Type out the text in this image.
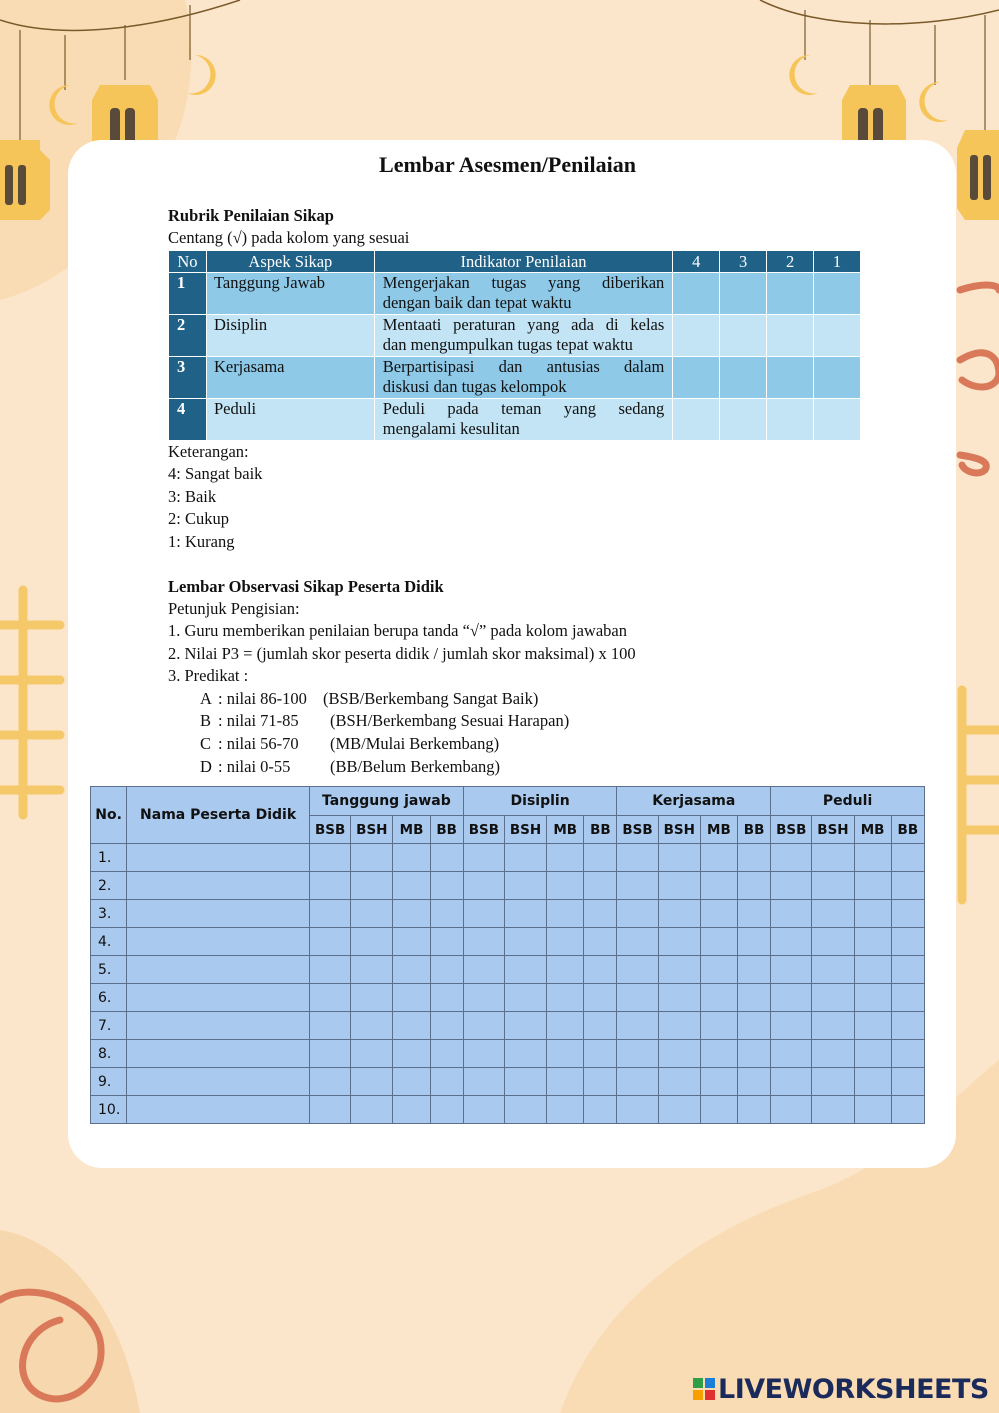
Lembar Asesmen/Penilaian
Rubrik Penilaian Sikap
Centang (√) pada kolom yang sesuai
No	Aspek Sikap	Indikator Penilaian	4	3	2	1
1	Tanggung Jawab	Mengerjakan tugas yang diberikan
dengan baik dan tepat waktu				

2	Disiplin	Mentaati peraturan yang ada di kelas
dan mengumpulkan tugas tepat waktu				

3	Kerjasama	Berpartisipasi dan antusias dalam
diskusi dan tugas kelompok				

4	Peduli	Peduli pada teman yang sedang
mengalami kesulitan				

Keterangan:
4: Sangat baik
3: Baik
2: Cukup
1: Kurang
Lembar Observasi Sikap Peserta Didik
Petunjuk Pengisian:
1. Guru memberikan penilaian berupa tanda “√” pada kolom jawaban
2. Nilai P3 = (jumlah skor peserta didik / jumlah skor maksimal) x 100
3. Predikat :
A : nilai 86-100 (BSB/Berkembang Sangat Baik)
B : nilai 71-85 (BSH/Berkembang Sesuai Harapan)
C : nilai 56-70 (MB/Mulai Berkembang)
D : nilai 0-55 (BB/Belum Berkembang)
No.	Nama Peserta Didik	Tanggung jawab				Disiplin				Kerjasama				Peduli			
		BSB	BSH	MB	BB	BSB	BSH	MB	BB	BSB	BSH	MB	BB	BSB	BSH	MB	BB
1.																	
2.																	
3.																	
4.																	
5.																	
6.																	
7.																	
8.																	
9.																	
10.																	
LIVEWORKSHEETS
